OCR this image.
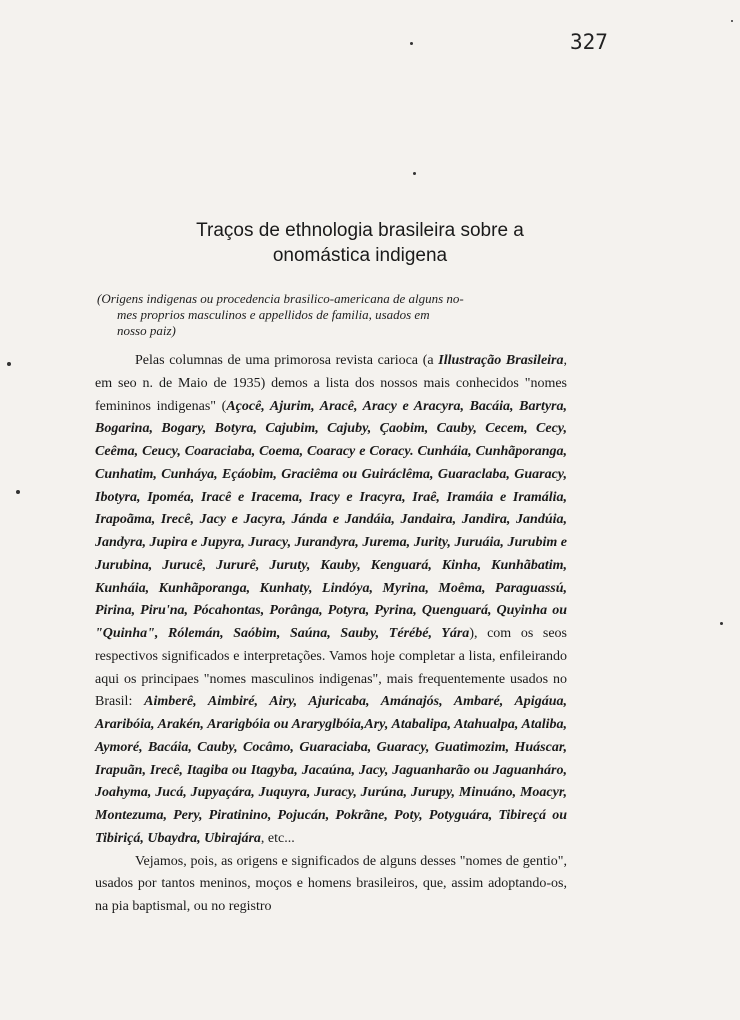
327
Traços de ethnologia brasileira sobre a
onomástica indigena
(Origens indigenas ou procedencia brasilico-americana de alguns no-
mes proprios masculinos e appellidos de familia, usados em
nosso paiz)

Pelas columnas de uma primorosa revista carioca (a Illustração Brasileira, em seo n. de Maio de 1935) demos a lista dos nossos mais conhecidos "nomes femininos indigenas" (Açocê, Ajurim, Aracê, Aracy e Aracyra, Bacáia, Bartyra, Bogarina, Bogary, Botyra, Cajubim, Cajuby, Çaobim, Cauby, Cecem, Cecy, Ceêma, Ceucy, Coaraciaba, Coema, Coaracy e Coracy. Cunháia, Cunhãporanga, Cunhatim, Cunháya, Eçáobim, Graciêma ou Guiráclêma, Guaraclaba, Guaracy, Ibotyra, Ipoméa, Iracê e Iracema, Iracy e Iracyra, Iraê, Iramáia e Iramália, Irapoãma, Irecê, Jacy e Jacyra, Jánda e Jandáia, Jandaira, Jandira, Jandúia, Jandyra, Jupira e Jupyra, Juracy, Jurandyra, Jurema, Jurity, Juruáia, Jurubim e Jurubina, Jurucê, Jururê, Juruty, Kauby, Kenguará, Kinha, Kunhãbatim, Kunháia, Kunhãporanga, Kunhaty, Lindóya, Myrina, Moêma, Paraguassú, Pirina, Piru'na, Pócahontas, Porânga, Potyra, Pyrina, Quenguará, Quyinha ou "Quinha", Rólemán, Saóbim, Saúna, Sauby, Térébé, Yára), com os seos respectivos significados e interpretações. Vamos hoje completar a lista, enfileirando aqui os principaes "nomes masculinos indigenas", mais frequentemente usados no Brasil: Aimberê, Aimbiré, Airy, Ajuricaba, Amánajós, Ambaré, Apigáua, Araribóia, Arakén, Ararigbóia ou Araryglbóia,Ary, Atabalipa, Atahualpa, Ataliba, Aymoré, Bacáia, Cauby, Cocâmo, Guaraciaba, Guaracy, Guatimozim, Huáscar, Irapuãn, Irecê, Itagiba ou Itagyba, Jacaúna, Jacy, Jaguanharão ou Jaguanháro, Joahyma, Jucá, Jupyaçára, Juquyra, Juracy, Jurúna, Jurupy, Minuáno, Moacyr, Montezuma, Pery, Piratinino, Pojucán, Pokrãne, Poty, Potyguára, Tibireçá ou Tibiriçá, Ubaydra, Ubirajára, etc...

Vejamos, pois, as origens e significados de alguns desses "nomes de gentio", usados por tantos meninos, moços e homens brasileiros, que, assim adoptando-os, na pia baptismal, ou no registro
